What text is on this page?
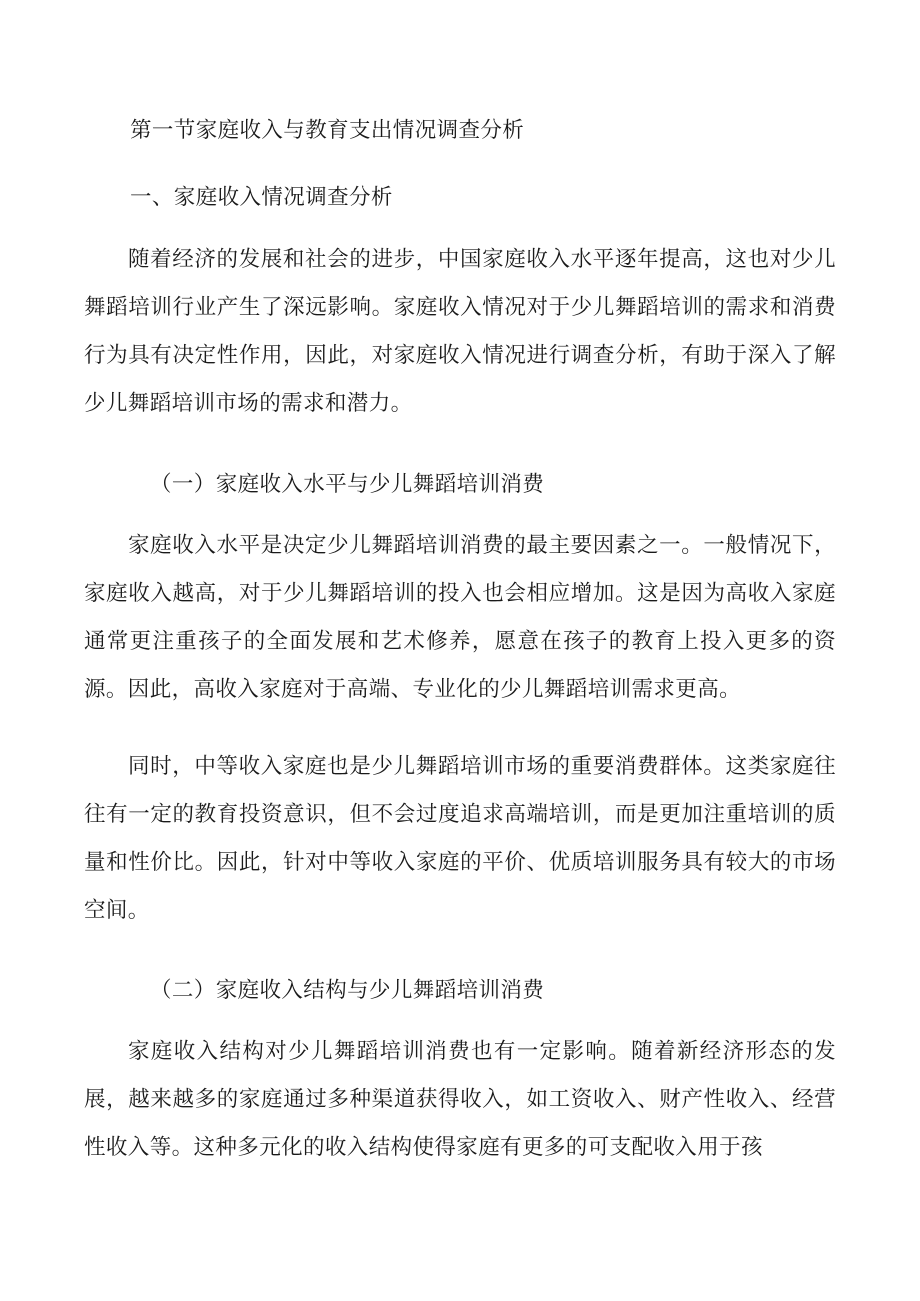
第一节家庭收入与教育支出情况调查分析
一、家庭收入情况调查分析
随着经济的发展和社会的进步，中国家庭收入水平逐年提高，这也对少儿舞蹈培训行业产生了深远影响。家庭收入情况对于少儿舞蹈培训的需求和消费行为具有决定性作用，因此，对家庭收入情况进行调查分析，有助于深入了解少儿舞蹈培训市场的需求和潜力。
（一）家庭收入水平与少儿舞蹈培训消费
家庭收入水平是决定少儿舞蹈培训消费的最主要因素之一。一般情况下，家庭收入越高，对于少儿舞蹈培训的投入也会相应增加。这是因为高收入家庭通常更注重孩子的全面发展和艺术修养，愿意在孩子的教育上投入更多的资源。因此，高收入家庭对于高端、专业化的少儿舞蹈培训需求更高。
同时，中等收入家庭也是少儿舞蹈培训市场的重要消费群体。这类家庭往往有一定的教育投资意识，但不会过度追求高端培训，而是更加注重培训的质量和性价比。因此，针对中等收入家庭的平价、优质培训服务具有较大的市场空间。
（二）家庭收入结构与少儿舞蹈培训消费
家庭收入结构对少儿舞蹈培训消费也有一定影响。随着新经济形态的发展，越来越多的家庭通过多种渠道获得收入，如工资收入、财产性收入、经营性收入等。这种多元化的收入结构使得家庭有更多的可支配收入用于孩
